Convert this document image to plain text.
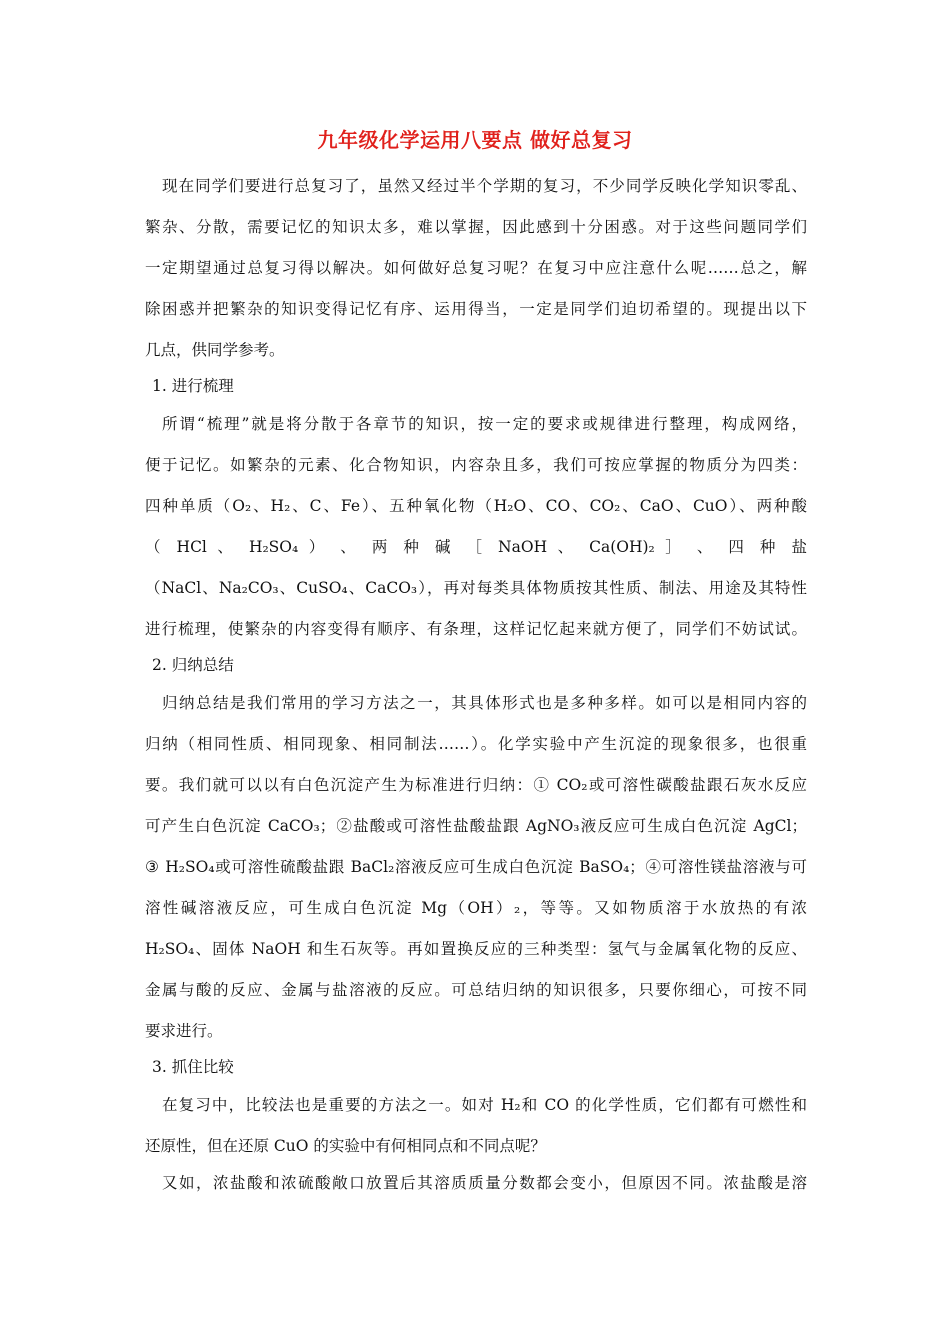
九年级化学运用八要点 做好总复习
现在同学们要进行总复习了，虽然又经过半个学期的复习，不少同学反映化学知识零乱、
繁杂、分散，需要记忆的知识太多，难以掌握，因此感到十分困惑。对于这些问题同学们
一定期望通过总复习得以解决。如何做好总复习呢？在复习中应注意什么呢……总之，解
除困惑并把繁杂的知识变得记忆有序、运用得当，一定是同学们迫切希望的。现提出以下
几点，供同学参考。
1. 进行梳理
所谓“梳理”就是将分散于各章节的知识，按一定的要求或规律进行整理，构成网络，
便于记忆。如繁杂的元素、化合物知识，内容杂且多，我们可按应掌握的物质分为四类：
四种单质（O₂、H₂、C、Fe）、五种氧化物（H₂O、CO、CO₂、CaO、CuO）、两种酸
（ HCl 、 H₂SO₄ ） 、 两 种 碱 ［ NaOH 、 Ca(OH)₂ ］ 、 四 种 盐
（NaCl、Na₂CO₃、CuSO₄、CaCO₃），再对每类具体物质按其性质、制法、用途及其特性
进行梳理，使繁杂的内容变得有顺序、有条理，这样记忆起来就方便了，同学们不妨试试。
2. 归纳总结
归纳总结是我们常用的学习方法之一，其具体形式也是多种多样。如可以是相同内容的
归纳（相同性质、相同现象、相同制法……）。化学实验中产生沉淀的现象很多，也很重
要。我们就可以以有白色沉淀产生为标准进行归纳：① CO₂或可溶性碳酸盐跟石灰水反应
可产生白色沉淀 CaCO₃；②盐酸或可溶性盐酸盐跟 AgNO₃液反应可生成白色沉淀 AgCl；
③ H₂SO₄或可溶性硫酸盐跟 BaCl₂溶液反应可生成白色沉淀 BaSO₄；④可溶性镁盐溶液与可
溶性碱溶液反应，可生成白色沉淀 Mg（OH）₂，等等。又如物质溶于水放热的有浓
H₂SO₄、固体 NaOH 和生石灰等。再如置换反应的三种类型：氢气与金属氧化物的反应、
金属与酸的反应、金属与盐溶液的反应。可总结归纳的知识很多，只要你细心，可按不同
要求进行。
3. 抓住比较
在复习中，比较法也是重要的方法之一。如对 H₂和 CO 的化学性质，它们都有可燃性和
还原性，但在还原 CuO 的实验中有何相同点和不同点呢？
又如，浓盐酸和浓硫酸敞口放置后其溶质质量分数都会变小，但原因不同。浓盐酸是溶
